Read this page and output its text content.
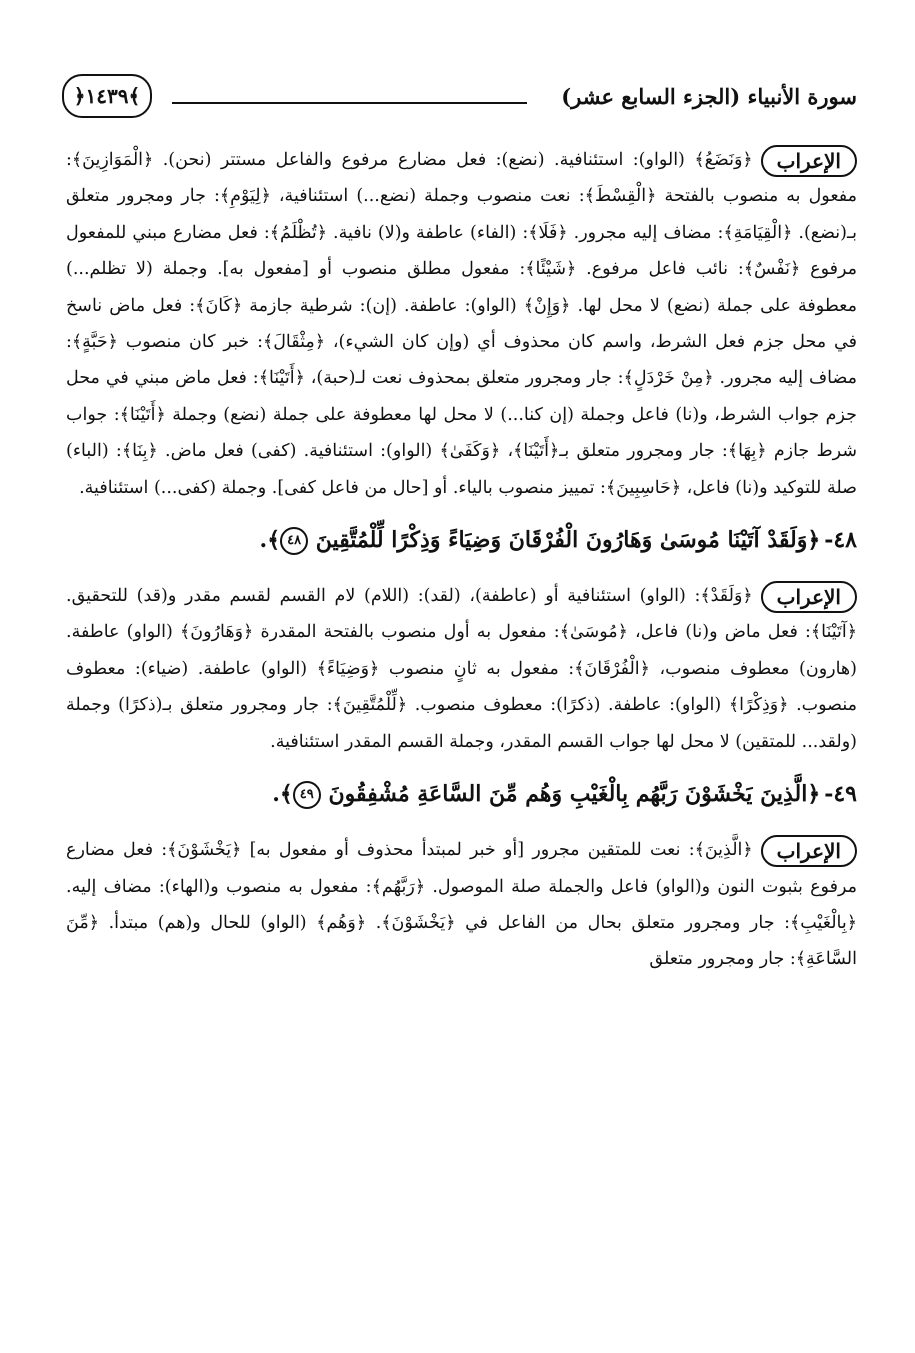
سورة الأنبياء (الجزء السابع عشر)
﴿١٤٣٩﴾

الإعراب﴿وَنَضَعُ﴾ (الواو): استئنافية. (نضع): فعل مضارع مرفوع والفاعل مستتر (نحن). ﴿الْمَوَازِينَ﴾: مفعول به منصوب بالفتحة ﴿الْقِسْطَ﴾: نعت منصوب وجملة (نضع...) استئنافية، ﴿لِيَوْمِ﴾: جار ومجرور متعلق بـ(نضع). ﴿الْقِيَامَةِ﴾: مضاف إليه مجرور. ﴿فَلَا﴾: (الفاء) عاطفة و(لا) نافية. ﴿تُظْلَمُ﴾: فعل مضارع مبني للمفعول مرفوع ﴿نَفْسٌ﴾: نائب فاعل مرفوع. ﴿شَيْئًا﴾: مفعول مطلق منصوب أو [مفعول به]. وجملة (لا تظلم...) معطوفة على جملة (نضع) لا محل لها. ﴿وَإِنْ﴾ (الواو): عاطفة. (إن): شرطية جازمة ﴿كَانَ﴾: فعل ماض ناسخ في محل جزم فعل الشرط، واسم كان محذوف أي (وإن كان الشيء)، ﴿مِثْقَالَ﴾: خبر كان منصوب ﴿حَبَّةٍ﴾: مضاف إليه مجرور. ﴿مِنْ خَرْدَلٍ﴾: جار ومجرور متعلق بمحذوف نعت لـ(حبة)، ﴿أَتَيْنَا﴾: فعل ماض مبني في محل جزم جواب الشرط، و(نا) فاعل وجملة (إن كنا...) لا محل لها معطوفة على جملة (نضع) وجملة ﴿أَتَيْنَا﴾: جواب شرط جازم ﴿بِهَا﴾: جار ومجرور متعلق بـ﴿أَتَيْنَا﴾، ﴿وَكَفَىٰ﴾ (الواو): استئنافية. (كفى) فعل ماض. ﴿بِنَا﴾: (الباء) صلة للتوكيد و(نا) فاعل، ﴿حَاسِبِينَ﴾: تمييز منصوب بالياء. أو [حال من فاعل كفى]. وجملة (كفى...) استئنافية.

٤٨-﴿وَلَقَدْ آتَيْنَا مُوسَىٰ وَهَارُونَ الْفُرْقَانَ وَضِيَاءً وَذِكْرًا لِّلْمُتَّقِينَ ٤٨﴾.

الإعراب﴿وَلَقَدْ﴾: (الواو) استئنافية أو (عاطفة)، (لقد): (اللام) لام القسم لقسم مقدر و(قد) للتحقيق. ﴿آتَيْنَا﴾: فعل ماض و(نا) فاعل، ﴿مُوسَىٰ﴾: مفعول به أول منصوب بالفتحة المقدرة ﴿وَهَارُونَ﴾ (الواو) عاطفة. (هارون) معطوف منصوب، ﴿الْفُرْقَانَ﴾: مفعول به ثانٍ منصوب ﴿وَضِيَاءً﴾ (الواو) عاطفة. (ضياء): معطوف منصوب. ﴿وَذِكْرًا﴾ (الواو): عاطفة. (ذكرًا): معطوف منصوب. ﴿لِّلْمُتَّقِينَ﴾: جار ومجرور متعلق بـ(ذكرًا) وجملة (ولقد... للمتقين) لا محل لها جواب القسم المقدر، وجملة القسم المقدر استئنافية.

٤٩-﴿الَّذِينَ يَخْشَوْنَ رَبَّهُم بِالْغَيْبِ وَهُم مِّنَ السَّاعَةِ مُشْفِقُونَ ٤٩﴾.

الإعراب﴿الَّذِينَ﴾: نعت للمتقين مجرور [أو خبر لمبتدأ محذوف أو مفعول به] ﴿يَخْشَوْنَ﴾: فعل مضارع مرفوع بثبوت النون و(الواو) فاعل والجملة صلة الموصول. ﴿رَبَّهُم﴾: مفعول به منصوب و(الهاء): مضاف إليه. ﴿بِالْغَيْبِ﴾: جار ومجرور متعلق بحال من الفاعل في ﴿يَخْشَوْنَ﴾. ﴿وَهُم﴾ (الواو) للحال و(هم) مبتدأ. ﴿مِّنَ السَّاعَةِ﴾: جار ومجرور متعلق
